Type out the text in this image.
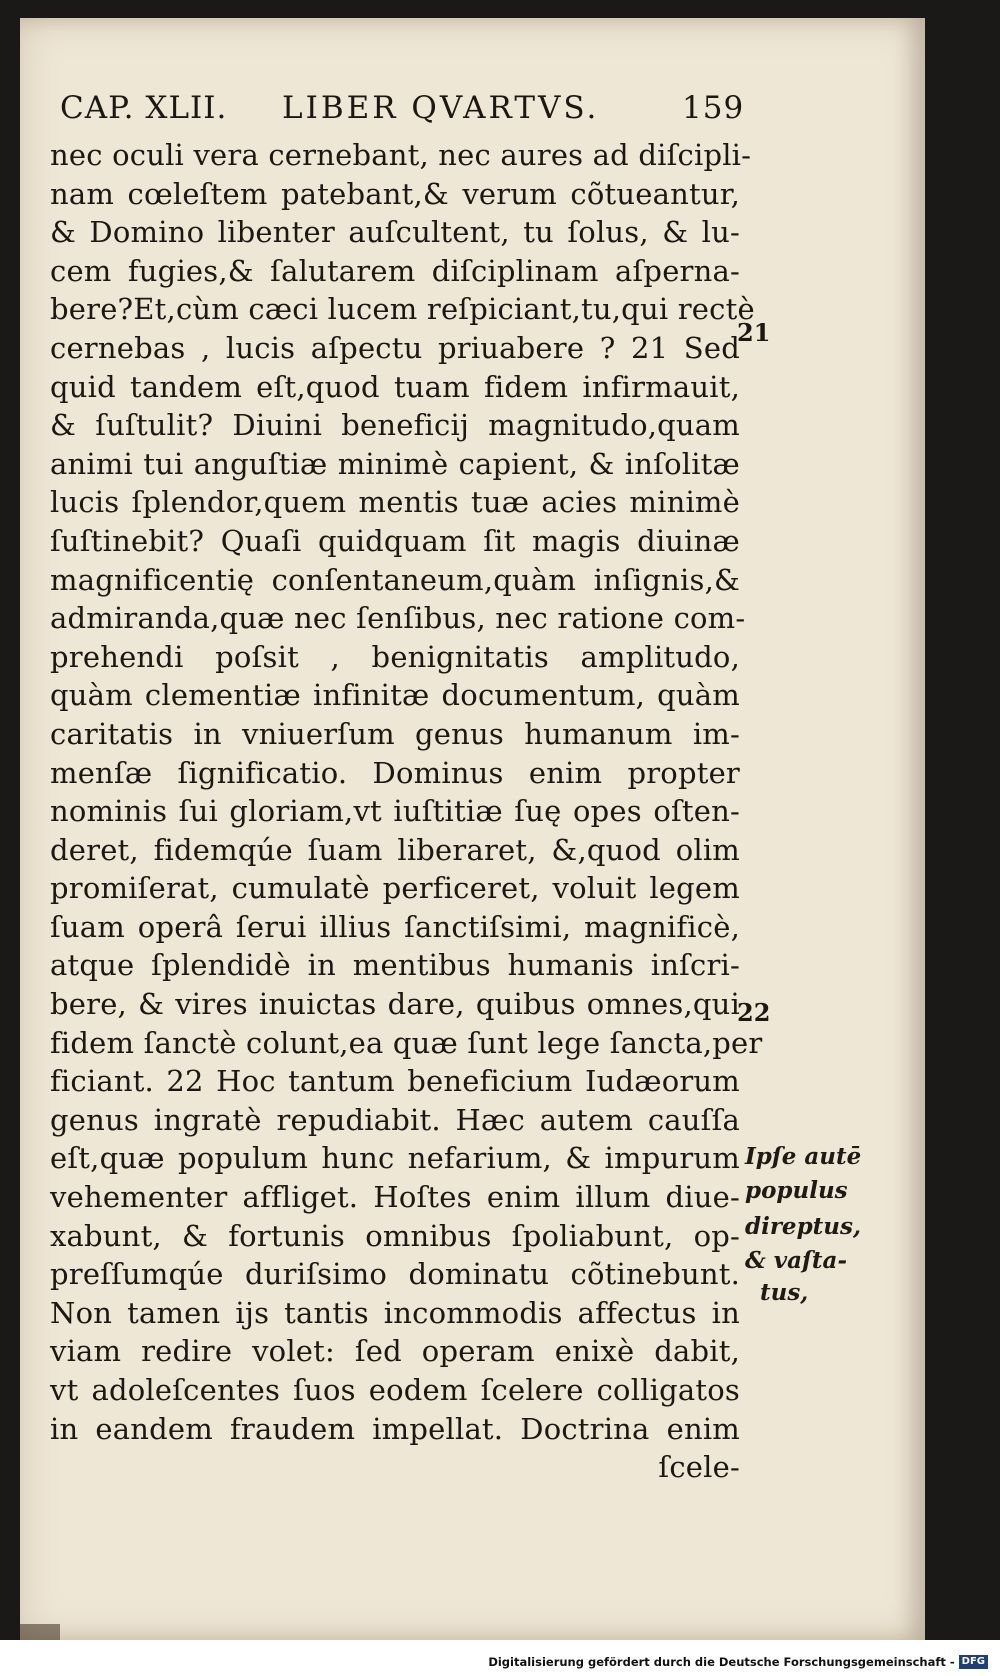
CAP. XLII. LIBER QVARTVS.	159
nec oculi vera cernebant, nec aures ad diſcipli-
nam cœleſtem patebant,& verum cõtueantur,
& Domino libenter auſcultent, tu ſolus, & lu-
cem fugies,& ſalutarem diſciplinam aſperna-
bere?Et,cùm cæci lucem reſpiciant,tu,qui rectè
cernebas , lucis aſpectu priuabere ? 21 Sed
quid tandem eſt,quod tuam fidem infirmauit,
& ſuſtulit? Diuini beneficij magnitudo,quam
animi tui anguſtiæ minimè capient, & inſolitæ
lucis ſplendor,quem mentis tuæ acies minimè
ſuſtinebit? Quaſi quidquam ſit magis diuinæ
magnificentię conſentaneum,quàm inſignis,&
admiranda,quæ nec ſenſibus, nec ratione com-
prehendi poſsit , benignitatis amplitudo,
quàm clementiæ infinitæ documentum, quàm
caritatis in vniuerſum genus humanum im-
menſæ ſignificatio. Dominus enim propter
nominis ſui gloriam,vt iuſtitiæ ſuę opes oſten-
deret, fidemqúe ſuam liberaret, &,quod olim
promiſerat, cumulatè perficeret, voluit legem
ſuam operâ ſerui illius ſanctiſsimi, magnificè,
atque ſplendidè in mentibus humanis inſcri-
bere, & vires inuictas dare, quibus omnes,qui
fidem ſanctè colunt,ea quæ ſunt lege ſancta,per
ficiant. 22 Hoc tantum beneficium Iudæorum
genus ingratè repudiabit. Hæc autem cauſſa
eſt,quæ populum hunc nefarium, & impurum
vehementer affliget. Hoſtes enim illum diue-
xabunt, & fortunis omnibus ſpoliabunt, op-
preſſumqúe duriſsimo dominatu cõtinebunt.
Non tamen ijs tantis incommodis affectus in
viam redire volet: ſed operam enixè dabit,
vt adoleſcentes ſuos eodem ſcelere colligatos
in eandem fraudem impellat. Doctrina enim
ſcele-
21
22
Ipſe autē
populus
direptus,
& vaſta-
tus,
Digitalisierung gefördert durch die Deutsche Forschungsgemeinschaft - DFG
